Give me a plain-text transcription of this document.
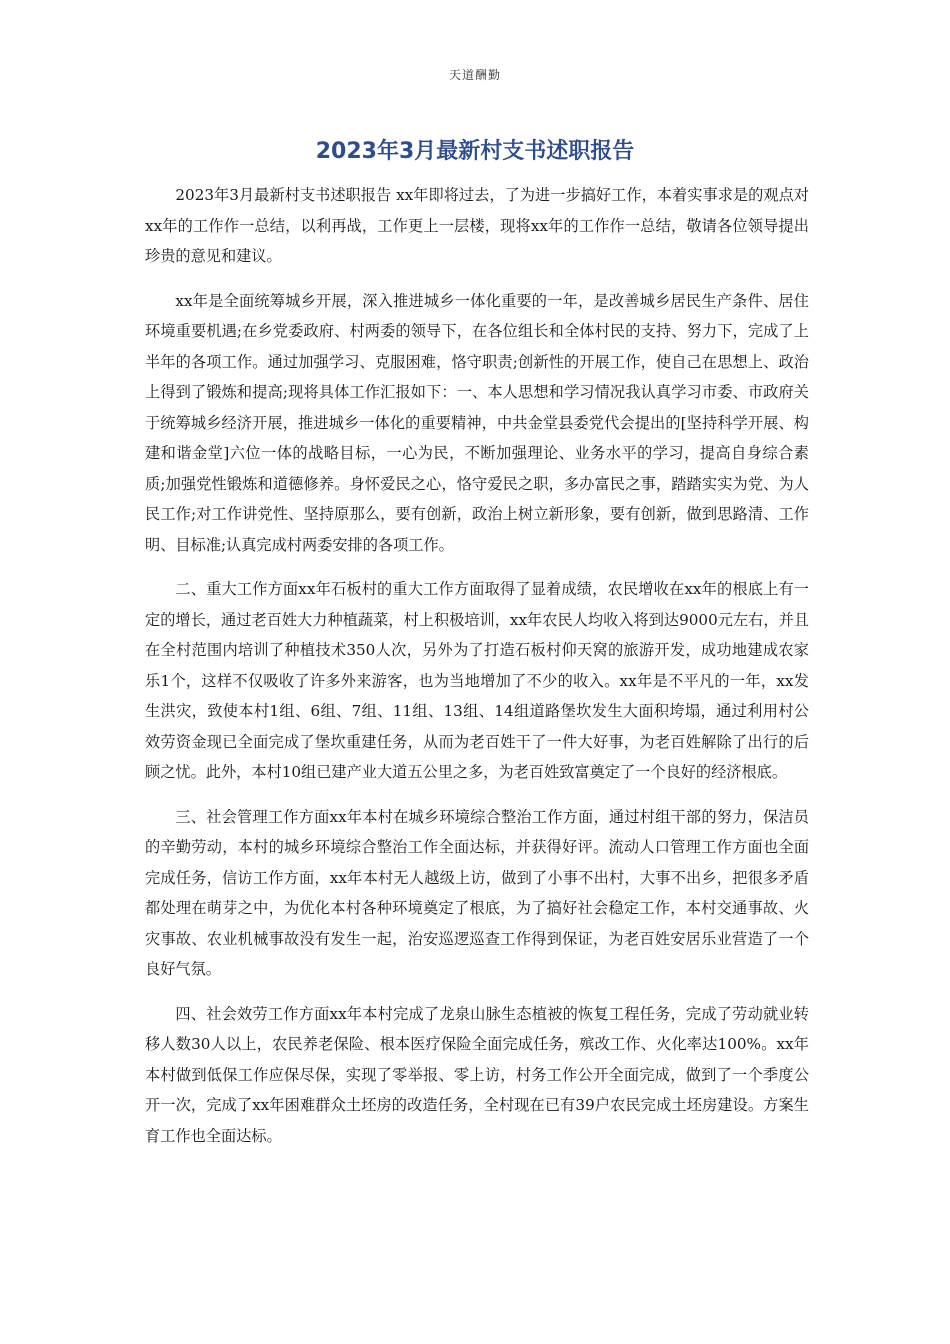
天道酬勤
2023年3月最新村支书述职报告

2023年3月最新村支书述职报告 xx年即将过去，了为进一步搞好工作，本着实事求是的观点对xx年的工作作一总结，以利再战，工作更上一层楼，现将xx年的工作作一总结，敬请各位领导提出珍贵的意见和建议。

xx年是全面统筹城乡开展，深入推进城乡一体化重要的一年，是改善城乡居民生产条件、居住环境重要机遇;在乡党委政府、村两委的领导下，在各位组长和全体村民的支持、努力下，完成了上半年的各项工作。通过加强学习、克服困难，恪守职责;创新性的开展工作，使自己在思想上、政治上得到了锻炼和提高;现将具体工作汇报如下：一、本人思想和学习情况我认真学习市委、市政府关于统筹城乡经济开展，推进城乡一体化的重要精神，中共金堂县委党代会提出的[坚持科学开展、构建和谐金堂]六位一体的战略目标，一心为民，不断加强理论、业务水平的学习，提高自身综合素质;加强党性锻炼和道德修养。身怀爱民之心，恪守爱民之职，多办富民之事，踏踏实实为党、为人民工作;对工作讲党性、坚持原那么，要有创新，政治上树立新形象，要有创新，做到思路清、工作明、目标准;认真完成村两委安排的各项工作。

二、重大工作方面xx年石板村的重大工作方面取得了显着成绩，农民增收在xx年的根底上有一定的增长，通过老百姓大力种植蔬菜，村上积极培训，xx年农民人均收入将到达9000元左右，并且在全村范围内培训了种植技术350人次，另外为了打造石板村仰天窝的旅游开发，成功地建成农家乐1个，这样不仅吸收了许多外来游客，也为当地增加了不少的收入。xx年是不平凡的一年，xx发生洪灾，致使本村1组、6组、7组、11组、13组、14组道路堡坎发生大面积垮塌，通过利用村公效劳资金现已全面完成了堡坎重建任务，从而为老百姓干了一件大好事，为老百姓解除了出行的后顾之忧。此外，本村10组已建产业大道五公里之多，为老百姓致富奠定了一个良好的经济根底。

三、社会管理工作方面xx年本村在城乡环境综合整治工作方面，通过村组干部的努力，保洁员的辛勤劳动，本村的城乡环境综合整治工作全面达标，并获得好评。流动人口管理工作方面也全面完成任务，信访工作方面，xx年本村无人越级上访，做到了小事不出村，大事不出乡，把很多矛盾都处理在萌芽之中，为优化本村各种环境奠定了根底，为了搞好社会稳定工作，本村交通事故、火灾事故、农业机械事故没有发生一起，治安巡逻巡查工作得到保证，为老百姓安居乐业营造了一个良好气氛。

四、社会效劳工作方面xx年本村完成了龙泉山脉生态植被的恢复工程任务，完成了劳动就业转移人数30人以上，农民养老保险、根本医疗保险全面完成任务，殡改工作、火化率达100%。xx年本村做到低保工作应保尽保，实现了零举报、零上访，村务工作公开全面完成，做到了一个季度公开一次，完成了xx年困难群众土坯房的改造任务，全村现在已有39户农民完成土坯房建设。方案生育工作也全面达标。
